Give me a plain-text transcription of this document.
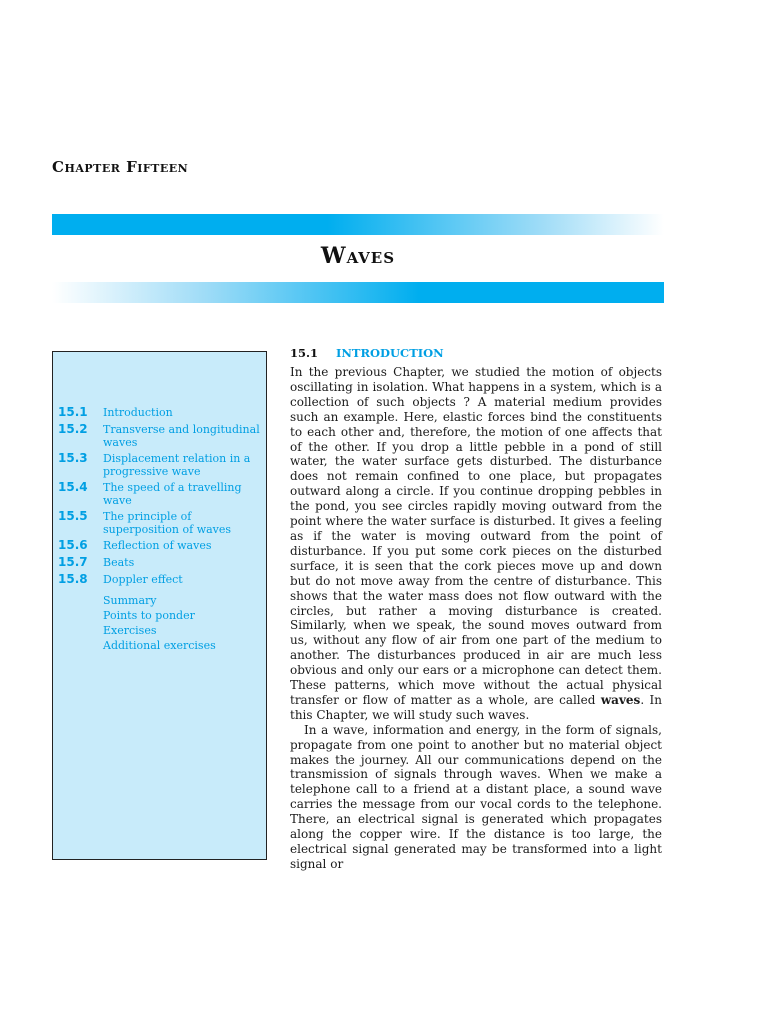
Chapter Fifteen
Waves
15.1	Introduction
15.2	Transverse and longitudinal waves
15.3	Displacement relation in a progressive wave
15.4	The speed of a travelling wave
15.5	The principle of superposition of waves
15.6	Reflection of waves
15.7	Beats
15.8	Doppler effect
Summary
Points to ponder
Exercises
Additional exercises
15.1 INTRODUCTION

In the previous Chapter, we studied the motion of objects oscillating in isolation. What happens in a system, which is a collection of such objects ? A material medium provides such an example. Here, elastic forces bind the constituents to each other and, therefore, the motion of one affects that of the other. If you drop a little pebble in a pond of still water, the water surface gets disturbed. The disturbance does not remain confined to one place, but propagates outward along a circle. If you continue dropping pebbles in the pond, you see circles rapidly moving outward from the point where the water surface is disturbed. It gives a feeling as if the water is moving outward from the point of disturbance. If you put some cork pieces on the disturbed surface, it is seen that the cork pieces move up and down but do not move away from the centre of disturbance. This shows that the water mass does not flow outward with the circles, but rather a moving disturbance is created. Similarly, when we speak, the sound moves outward from us, without any flow of air from one part of the medium to another. The disturbances produced in air are much less obvious and only our ears or a microphone can detect them. These patterns, which move without the actual physical transfer or flow of matter as a whole, are called waves. In this Chapter, we will study such waves.

In a wave, information and energy, in the form of signals, propagate from one point to another but no material object makes the journey. All our communications depend on the transmission of signals through waves. When we make a telephone call to a friend at a distant place, a sound wave carries the message from our vocal cords to the telephone. There, an electrical signal is generated which propagates along the copper wire. If the distance is too large, the electrical signal generated may be transformed into a light signal or
